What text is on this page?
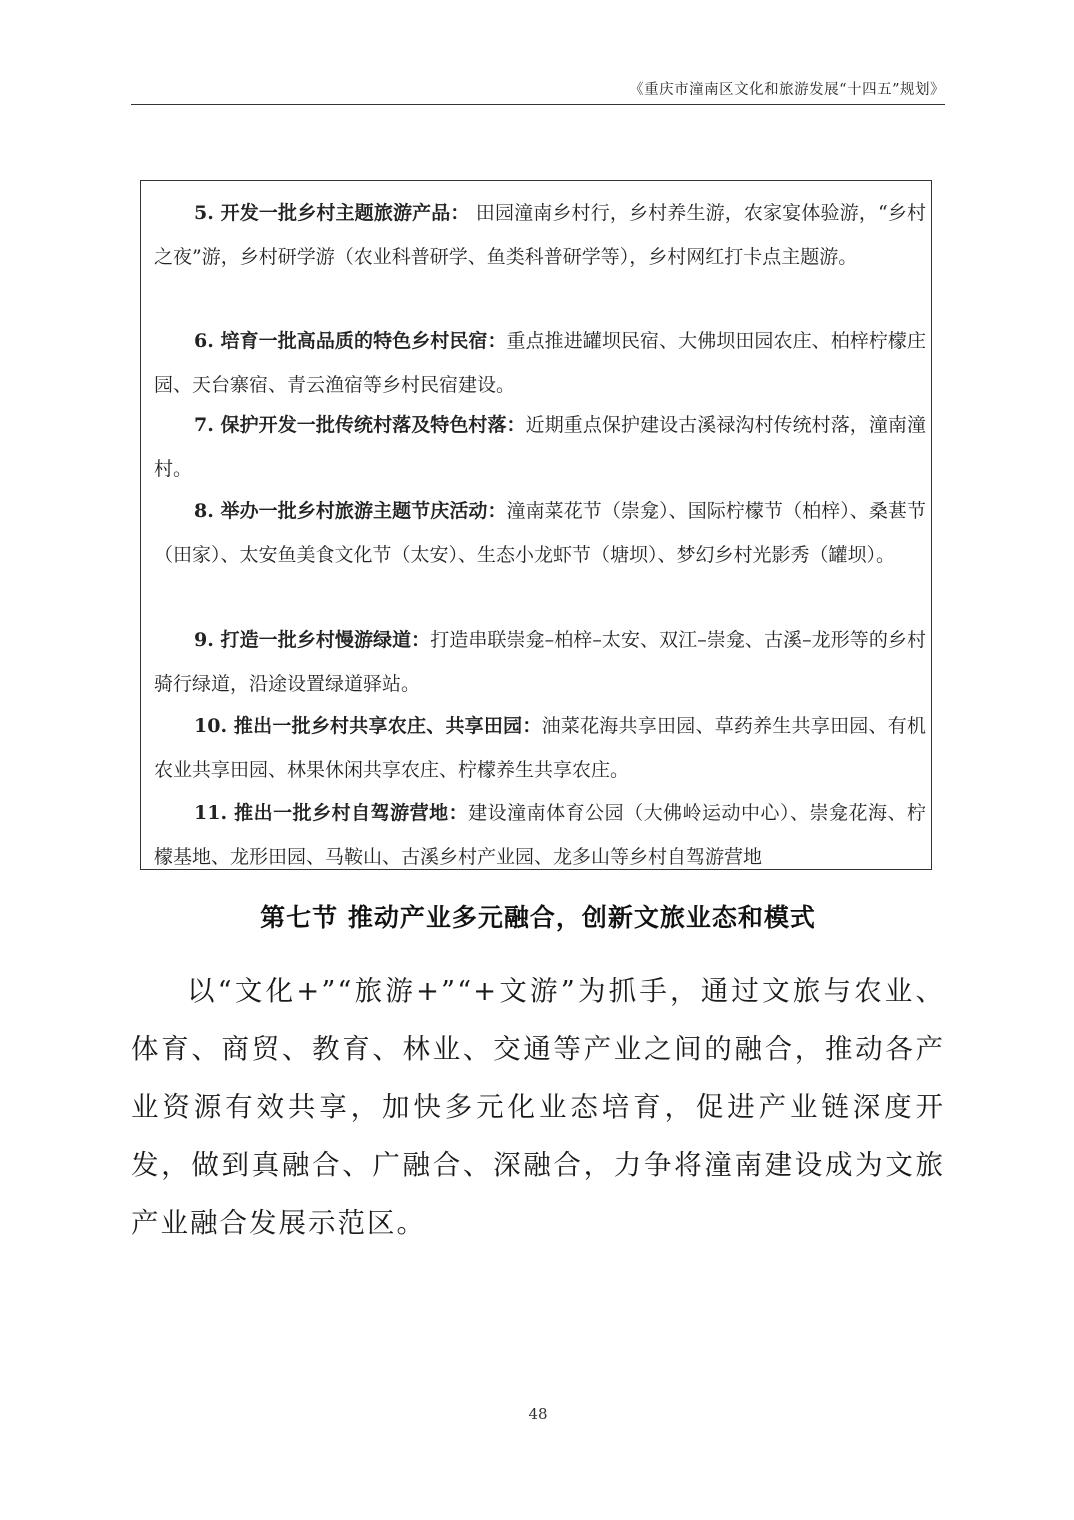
《重庆市潼南区文化和旅游发展“十四五”规划》
5. 开发一批乡村主题旅游产品： 田园潼南乡村行，乡村养生游，农家宴体验游，“乡村之夜”游，乡村研学游（农业科普研学、鱼类科普研学等），乡村网红打卡点主题游。
6. 培育一批高品质的特色乡村民宿：重点推进罐坝民宿、大佛坝田园农庄、柏梓柠檬庄园、天台寨宿、青云渔宿等乡村民宿建设。
7. 保护开发一批传统村落及特色村落：近期重点保护建设古溪禄沟村传统村落，潼南潼村。
8. 举办一批乡村旅游主题节庆活动：潼南菜花节（崇龛）、国际柠檬节（柏梓）、桑葚节（田家）、太安鱼美食文化节（太安）、生态小龙虾节（塘坝）、梦幻乡村光影秀（罐坝）。
9. 打造一批乡村慢游绿道：打造串联崇龛–柏梓–太安、双江–崇龛、古溪–龙形等的乡村骑行绿道，沿途设置绿道驿站。
10. 推出一批乡村共享农庄、共享田园：油菜花海共享田园、草药养生共享田园、有机农业共享田园、林果休闲共享农庄、柠檬养生共享农庄。
11. 推出一批乡村自驾游营地：建设潼南体育公园（大佛岭运动中心）、崇龛花海、柠檬基地、龙形田园、马鞍山、古溪乡村产业园、龙多山等乡村自驾游营地
第七节 推动产业多元融合，创新文旅业态和模式
以“文化+”“旅游+”“+文游”为抓手，通过文旅与农业、体育、商贸、教育、林业、交通等产业之间的融合，推动各产业资源有效共享，加快多元化业态培育，促进产业链深度开发，做到真融合、广融合、深融合，力争将潼南建设成为文旅产业融合发展示范区。
48
